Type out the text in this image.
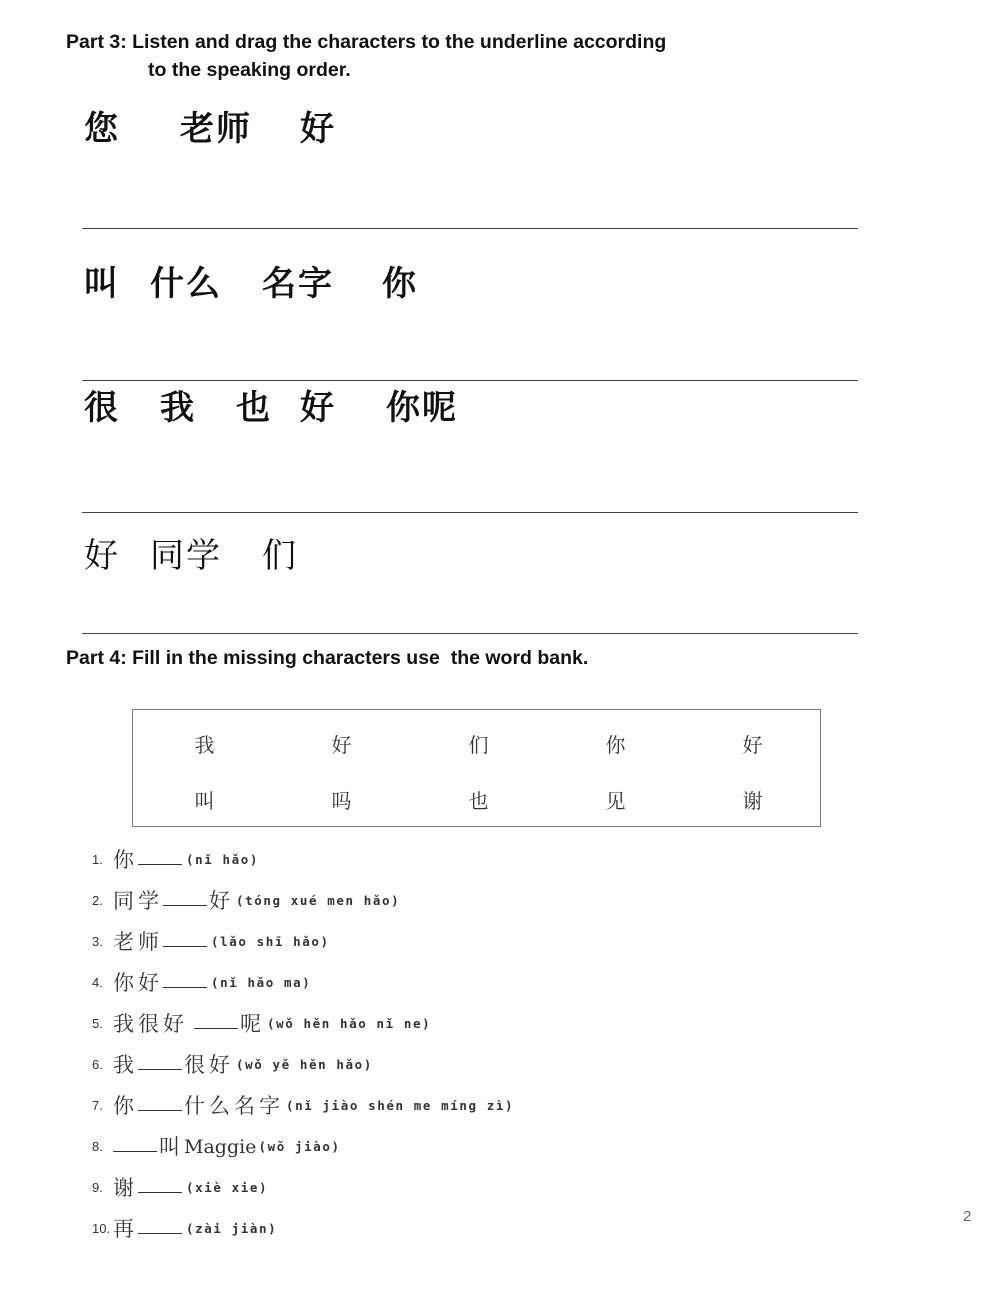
Part 3: Listen and drag the characters to the underline according
to the speaking order.
您 老师 好
叫 什么 名字 你
很 我 也 好 你呢
好 同学 们
Part 4: Fill in the missing characters use  the word bank.
我	好	们	你	好
叫	吗	也	见	谢
1. 你	(nǐ hǎo)
2. 同学 好 (tóng xué men hǎo)
3. 老师	(lǎo shī hǎo)
4. 你好	(nǐ hǎo ma)
5. 我很好 呢 (wǒ hěn hǎo nǐ ne)
6. 我 很好 (wǒ yě hěn hǎo)
7. 你 什么名字 (nǐ jiào shén me míng zì)
8.	叫 Maggie (wǒ jiào)
9. 谢	(xiè xie)
10. 再	(zài jiàn)
2
